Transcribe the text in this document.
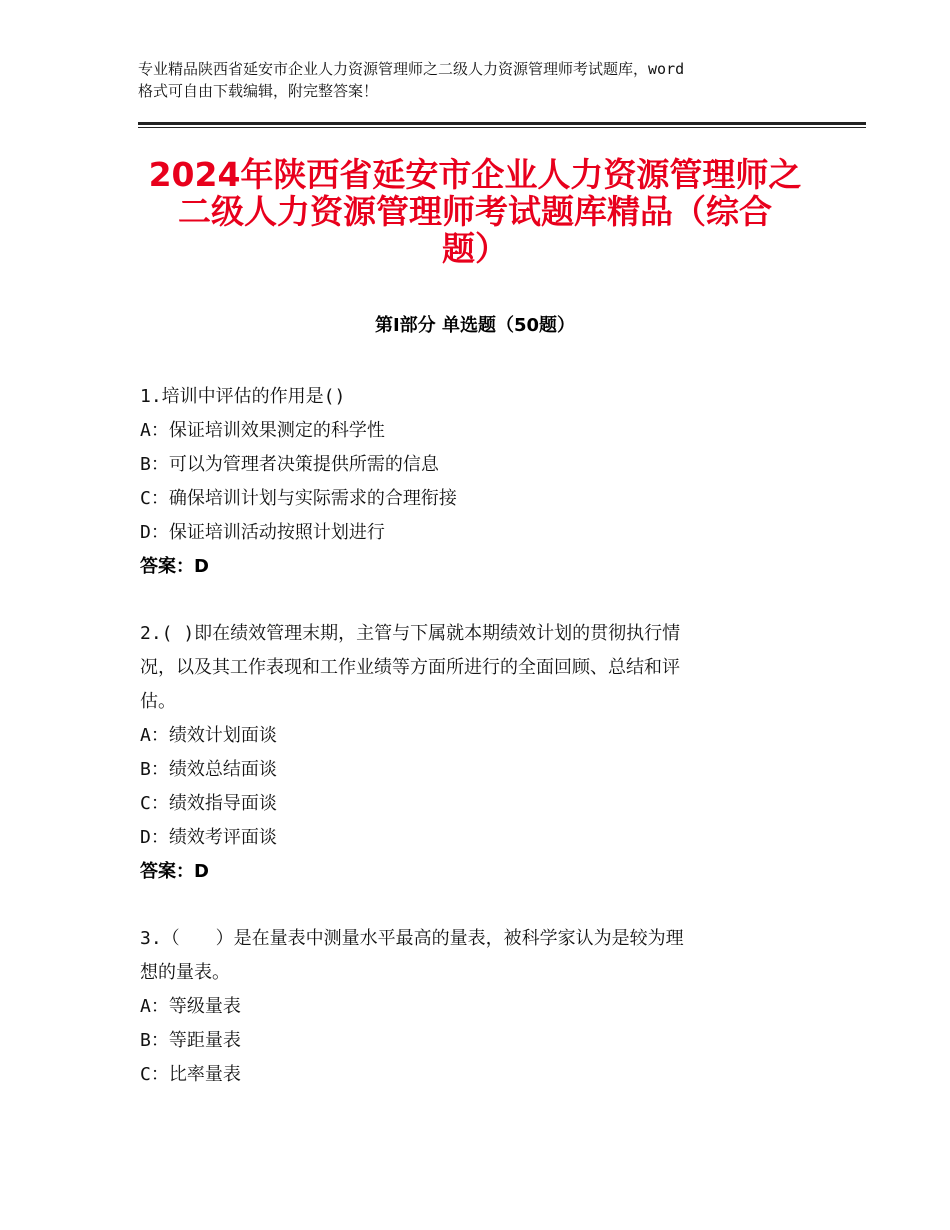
专业精品陕西省延安市企业人力资源管理师之二级人力资源管理师考试题库，word
格式可自由下载编辑，附完整答案！
2024年陕西省延安市企业人力资源管理师之
二级人力资源管理师考试题库精品（综合
题）
第Ⅰ部分 单选题（50题）

1.培训中评估的作用是()

A：保证培训效果测定的科学性

B：可以为管理者决策提供所需的信息

C：确保培训计划与实际需求的合理衔接

D：保证培训活动按照计划进行

答案：D

2.( )即在绩效管理末期，主管与下属就本期绩效计划的贯彻执行情

况，以及其工作表现和工作业绩等方面所进行的全面回顾、总结和评

估。

A：绩效计划面谈

B：绩效总结面谈

C：绩效指导面谈

D：绩效考评面谈

答案：D

3.（　　）是在量表中测量水平最高的量表，被科学家认为是较为理

想的量表。

A：等级量表

B：等距量表

C：比率量表
